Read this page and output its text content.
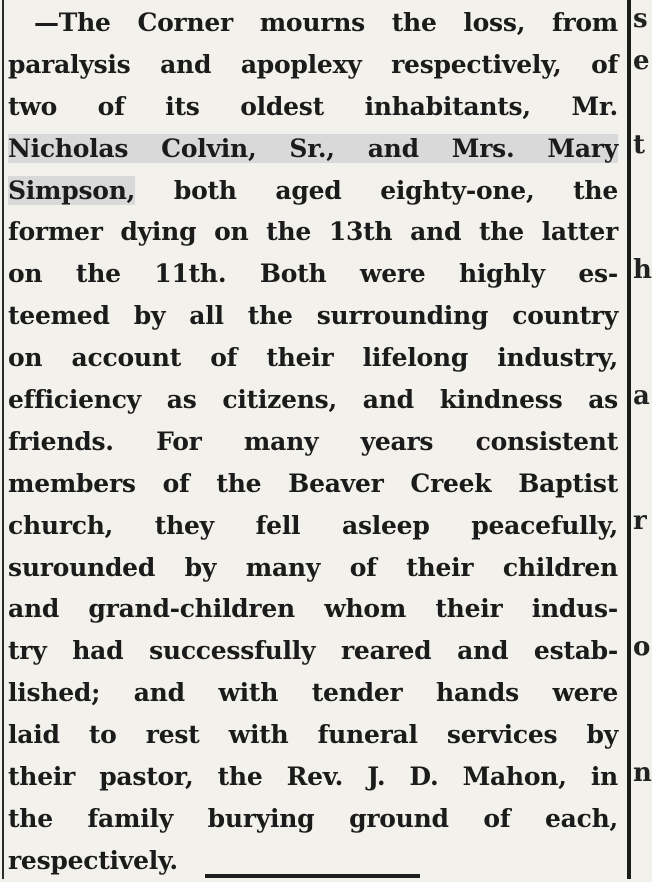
—The Corner mourns the loss, from
paralysis and apoplexy respectively, of
two of its oldest inhabitants, Mr.
Nicholas Colvin, Sr., and Mrs. Mary
Simpson, both aged eighty-one, the
former dying on the 13th and the latter
on the 11th. Both were highly es-
teemed by all the surrounding country
on account of their lifelong industry,
efficiency as citizens, and kindness as
friends. For many years consistent
members of the Beaver Creek Baptist
church, they fell asleep peacefully,
surounded by many of their children
and grand-children whom their indus-
try had successfully reared and estab-
lished; and with tender hands were
laid to rest with funeral services by
their pastor, the Rev. J. D. Mahon, in
the family burying ground of each,
respectively.
s
e
t
h
a
r
o
n
